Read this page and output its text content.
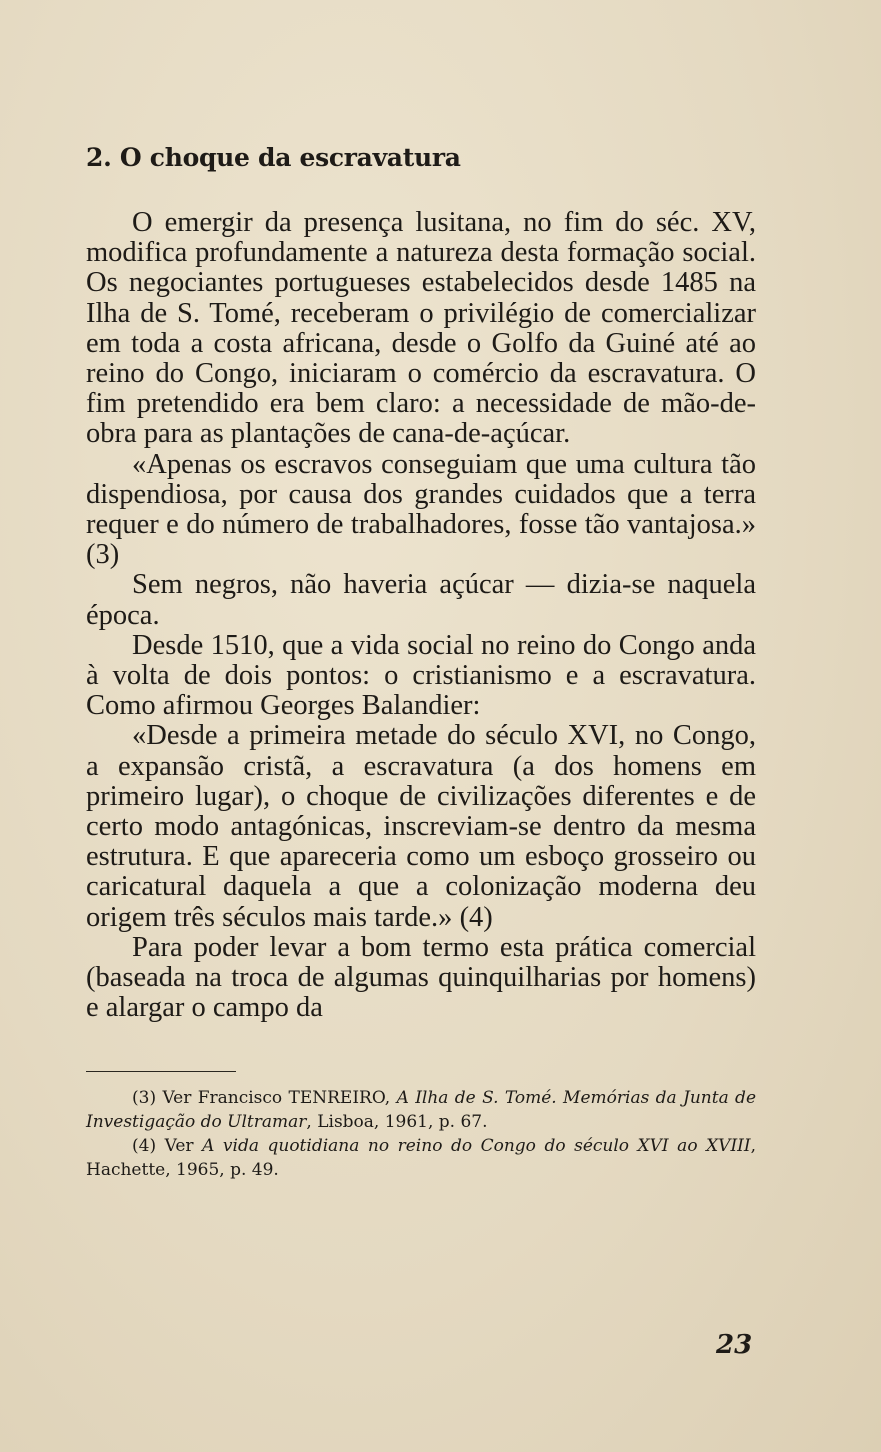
2. O choque da escravatura

O emergir da presença lusitana, no fim do séc. XV, modifica profundamente a natureza desta formação social. Os negociantes portugueses estabelecidos desde 1485 na Ilha de S. Tomé, receberam o privilégio de comercializar em toda a costa africana, desde o Golfo da Guiné até ao reino do Congo, iniciaram o comércio da escravatura. O fim pretendido era bem claro: a necessidade de mão-de-obra para as plantações de cana-de-açúcar.

«Apenas os escravos conseguiam que uma cultura tão dispendiosa, por causa dos grandes cuidados que a terra requer e do número de trabalhadores, fosse tão vantajosa.» (3)

Sem negros, não haveria açúcar — dizia-se naquela época.

Desde 1510, que a vida social no reino do Congo anda à volta de dois pontos: o cristianismo e a escravatura. Como afirmou Georges Balandier:

«Desde a primeira metade do século XVI, no Congo, a expansão cristã, a escravatura (a dos homens em primeiro lugar), o choque de civilizações diferentes e de certo modo antagónicas, inscreviam-se dentro da mesma estrutura. E que apareceria como um esboço grosseiro ou caricatural daquela a que a colonização moderna deu origem três séculos mais tarde.» (4)

Para poder levar a bom termo esta prática comercial (baseada na troca de algumas quinquilharias por homens) e alargar o campo da

(3) Ver Francisco TENREIRO, A Ilha de S. Tomé. Memórias da Junta de Investigação do Ultramar, Lisboa, 1961, p. 67.

(4) Ver A vida quotidiana no reino do Congo do século XVI ao XVIII, Hachette, 1965, p. 49.

23
